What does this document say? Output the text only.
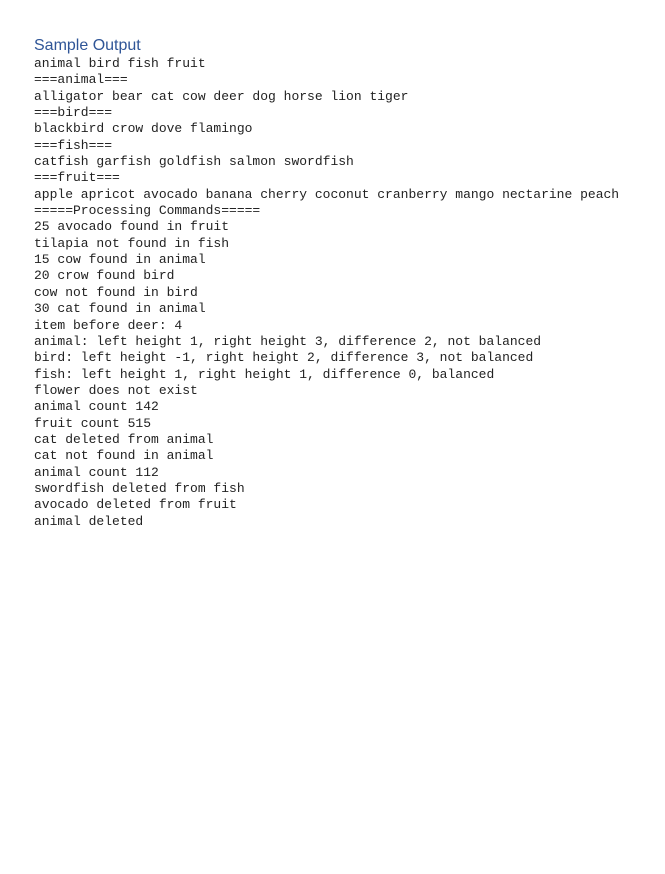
Sample Output
animal bird fish fruit
===animal===
alligator bear cat cow deer dog horse lion tiger
===bird===
blackbird crow dove flamingo
===fish===
catfish garfish goldfish salmon swordfish
===fruit===
apple apricot avocado banana cherry coconut cranberry mango nectarine peach
=====Processing Commands=====
25 avocado found in fruit
tilapia not found in fish
15 cow found in animal
20 crow found bird
cow not found in bird
30 cat found in animal
item before deer: 4
animal: left height 1, right height 3, difference 2, not balanced
bird: left height -1, right height 2, difference 3, not balanced
fish: left height 1, right height 1, difference 0, balanced
flower does not exist
animal count 142
fruit count 515
cat deleted from animal
cat not found in animal
animal count 112
swordfish deleted from fish
avocado deleted from fruit
animal deleted
